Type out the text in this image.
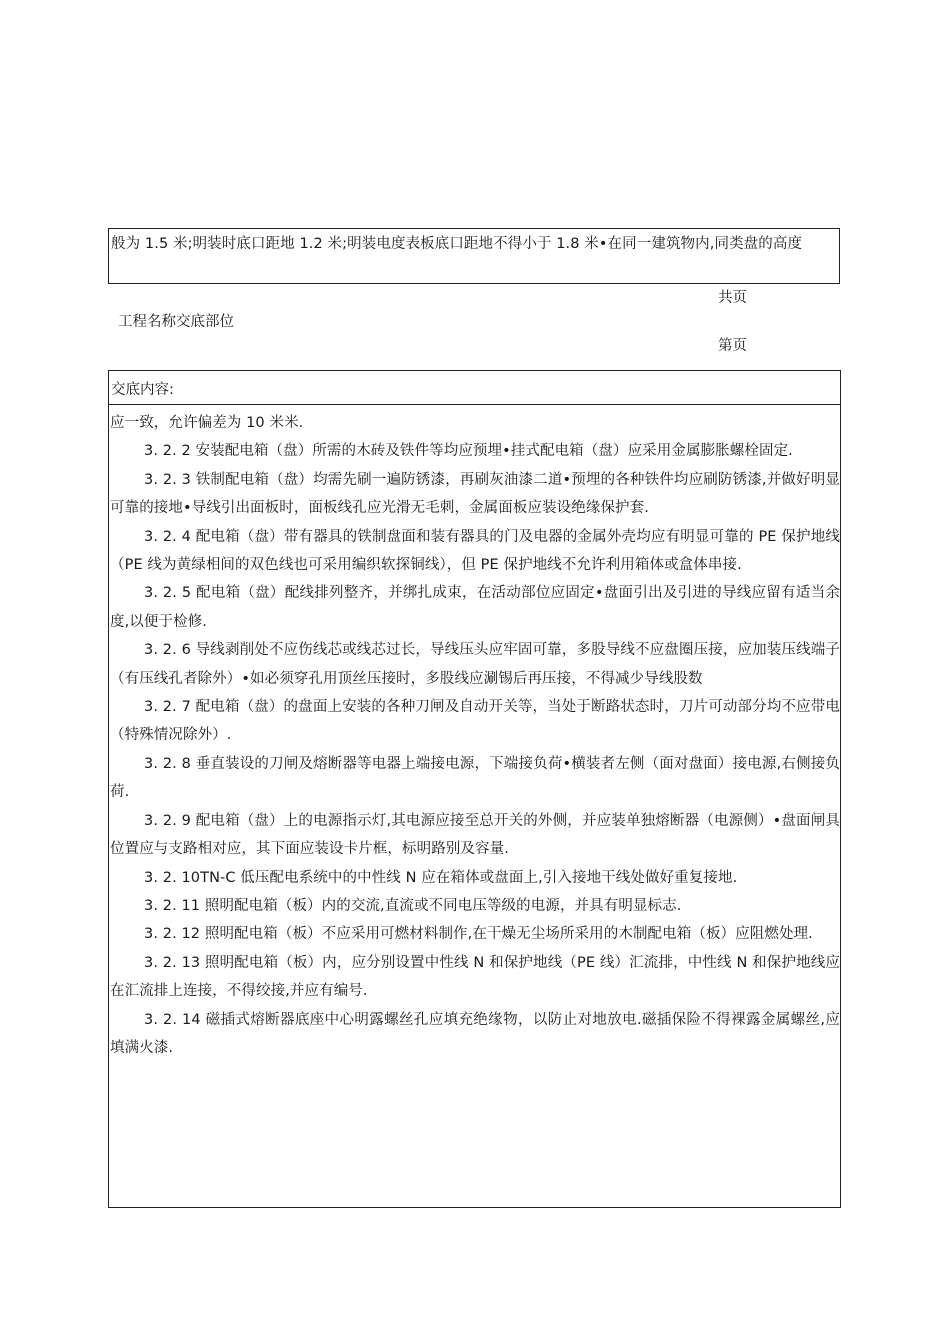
般为 1.5 米;明装时底口距地 1.2 米;明装电度表板底口距地不得小于 1.8 米•在同一建筑物内,同类盘的高度

共页
工程名称交底部位
第页
交底内容:

应一致，允许偏差为 10 米米.

3. 2. 2 安装配电箱（盘）所需的木砖及铁件等均应预埋•挂式配电箱（盘）应采用金属膨胀螺栓固定.

3. 2. 3 铁制配电箱（盘）均需先刷一遍防锈漆，再刷灰油漆二道•预埋的各种铁件均应刷防锈漆,并做好明显可靠的接地•导线引出面板时，面板线孔应光滑无毛刺，金属面板应装设绝缘保护套.

3. 2. 4 配电箱（盘）带有器具的铁制盘面和装有器具的门及电器的金属外壳均应有明显可靠的 PE 保护地线（PE 线为黄绿相间的双色线也可采用编织软探铜线），但 PE 保护地线不允许利用箱体或盒体串接.

3. 2. 5 配电箱（盘）配线排列整齐，并绑扎成束，在活动部位应固定•盘面引出及引进的导线应留有适当余度,以便于检修.

3. 2. 6 导线剥削处不应伤线芯或线芯过长，导线压头应牢固可靠，多股导线不应盘圈压接，应加装压线端子（有压线孔者除外）•如必须穿孔用顶丝压接时，多股线应涮锡后再压接，不得减少导线股数

3. 2. 7 配电箱（盘）的盘面上安装的各种刀闸及自动开关等，当处于断路状态时，刀片可动部分均不应带电（特殊情况除外）.

3. 2. 8 垂直装设的刀闸及熔断器等电器上端接电源，下端接负荷•横装者左侧（面对盘面）接电源,右侧接负荷.

3. 2. 9 配电箱（盘）上的电源指示灯,其电源应接至总开关的外侧，并应装单独熔断器（电源侧）•盘面闸具位置应与支路相对应，其下面应装设卡片框，标明路别及容量.

3. 2. 10TN-C 低压配电系统中的中性线 N 应在箱体或盘面上,引入接地干线处做好重复接地.

3. 2. 11 照明配电箱（板）内的交流,直流或不同电压等级的电源，并具有明显标志.

3. 2. 12 照明配电箱（板）不应采用可燃材料制作,在干燥无尘场所采用的木制配电箱（板）应阻燃处理.

3. 2. 13 照明配电箱（板）内，应分别设置中性线 N 和保护地线（PE 线）汇流排，中性线 N 和保护地线应在汇流排上连接，不得绞接,并应有编号.

3. 2. 14 磁插式熔断器底座中心明露螺丝孔应填充绝缘物，以防止对地放电.磁插保险不得裸露金属螺丝,应填满火漆.
